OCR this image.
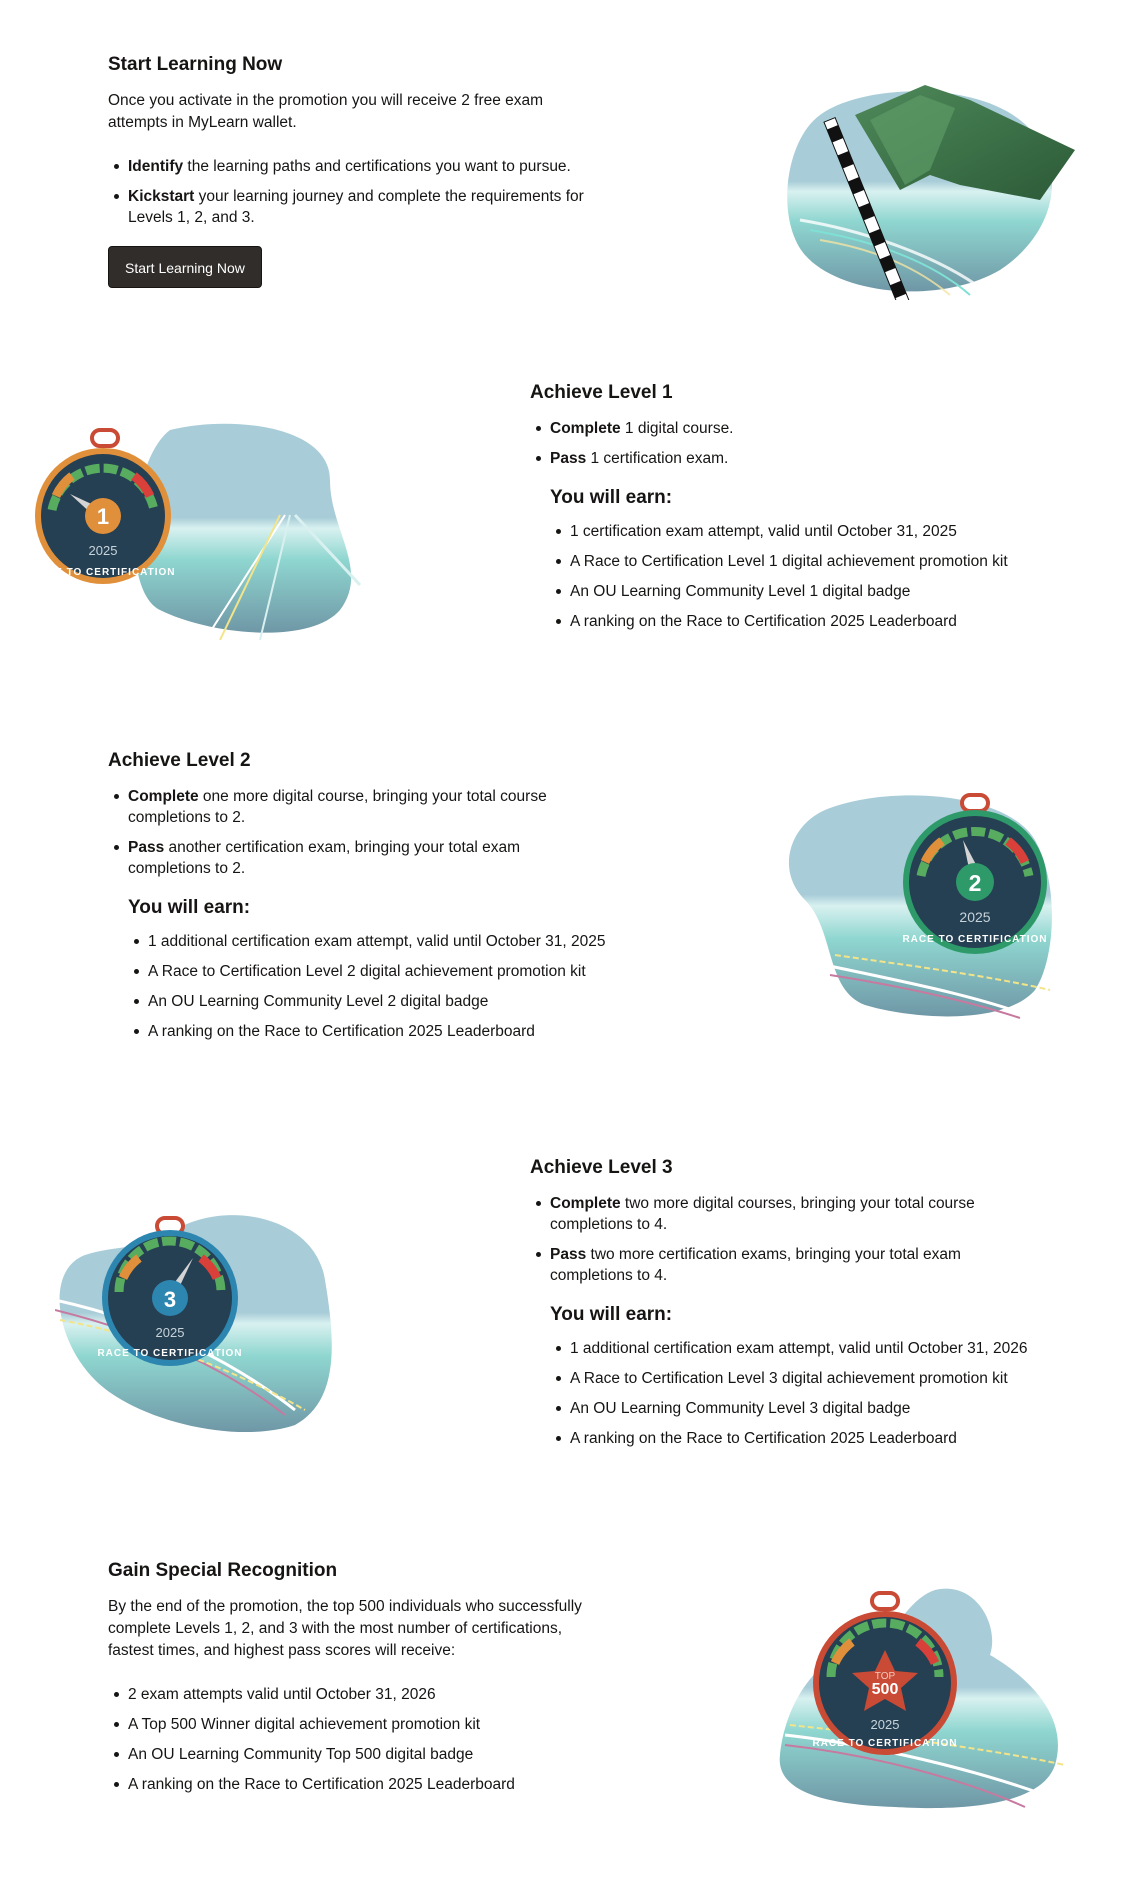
Start Learning Now

Once you activate in the promotion you will receive 2 free exam attempts in MyLearn wallet.

Identify the learning paths and certifications you want to pursue.
Kickstart your learning journey and complete the requirements for Levels 1, 2, and 3.
Start Learning Now
1
2025
RACE TO CERTIFICATION
Achieve Level 1
Complete 1 digital course.
Pass 1 certification exam.
You will earn:
1 certification exam attempt, valid until October 31, 2025
A Race to Certification Level 1 digital achievement promotion kit
An OU Learning Community Level 1 digital badge
A ranking on the Race to Certification 2025 Leaderboard
Achieve Level 2
Complete one more digital course, bringing your total course completions to 2.
Pass another certification exam, bringing your total exam completions to 2.
You will earn:
1 additional certification exam attempt, valid until October 31, 2025
A Race to Certification Level 2 digital achievement promotion kit
An OU Learning Community Level 2 digital badge
A ranking on the Race to Certification 2025 Leaderboard
2
2025
RACE TO CERTIFICATION
3
2025
RACE TO CERTIFICATION
Achieve Level 3
Complete two more digital courses, bringing your total course completions to 4.
Pass two more certification exams, bringing your total exam completions to 4.
You will earn:
1 additional certification exam attempt, valid until October 31, 2026
A Race to Certification Level 3 digital achievement promotion kit
An OU Learning Community Level 3 digital badge
A ranking on the Race to Certification 2025 Leaderboard
Gain Special Recognition

By the end of the promotion, the top 500 individuals who successfully complete Levels 1, 2, and 3 with the most number of certifications, fastest times, and highest pass scores will receive:

2 exam attempts valid until October 31, 2026
A Top 500 Winner digital achievement promotion kit
An OU Learning Community Top 500 digital badge
A ranking on the Race to Certification 2025 Leaderboard
TOP
500
2025
RACE TO CERTIFICATION
